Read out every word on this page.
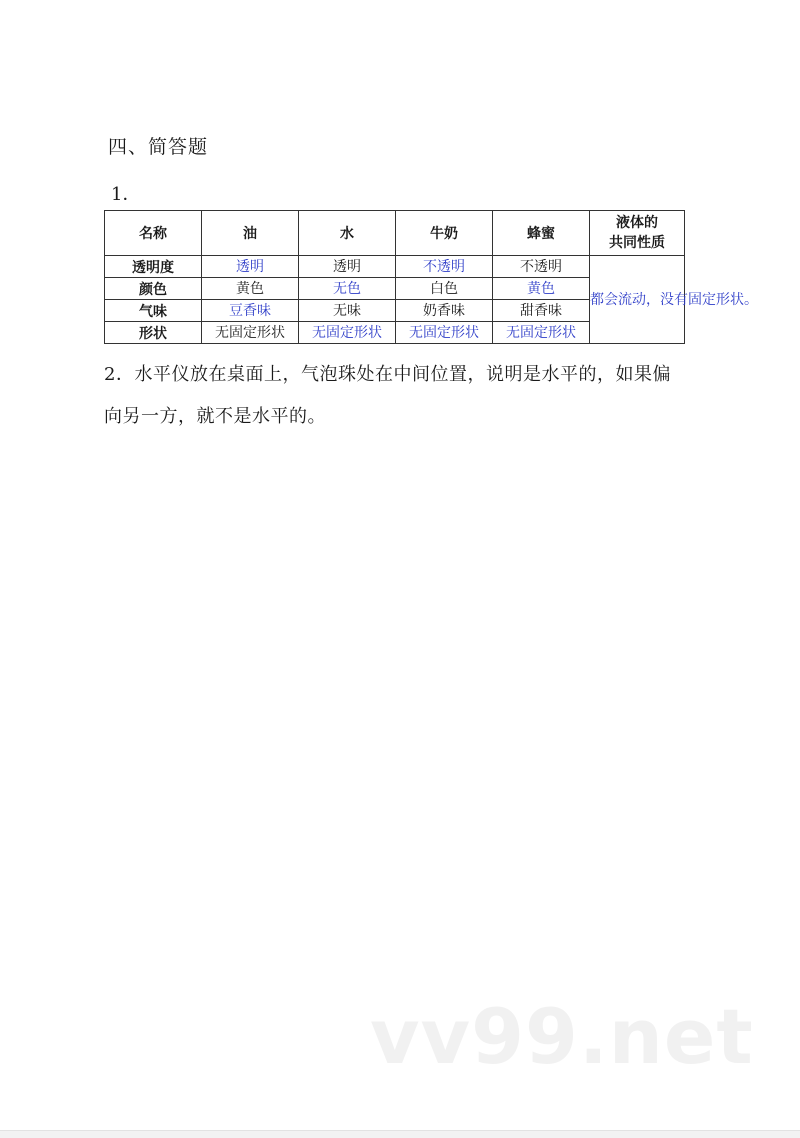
四、简答题
1．
名称	油	水	牛奶	蜂蜜	液体的
共同性质

透明度	透明	透明	不透明	不透明	都会流动，没有固定形状。
颜色	黄色	无色	白色	黄色	
气味	豆香味	无味	奶香味	甜香味	
形状	无固定形状	无固定形状	无固定形状	无固定形状	
2．水平仪放在桌面上，气泡珠处在中间位置，说明是水平的，如果偏向另一方，就不是水平的。
vv99.net
